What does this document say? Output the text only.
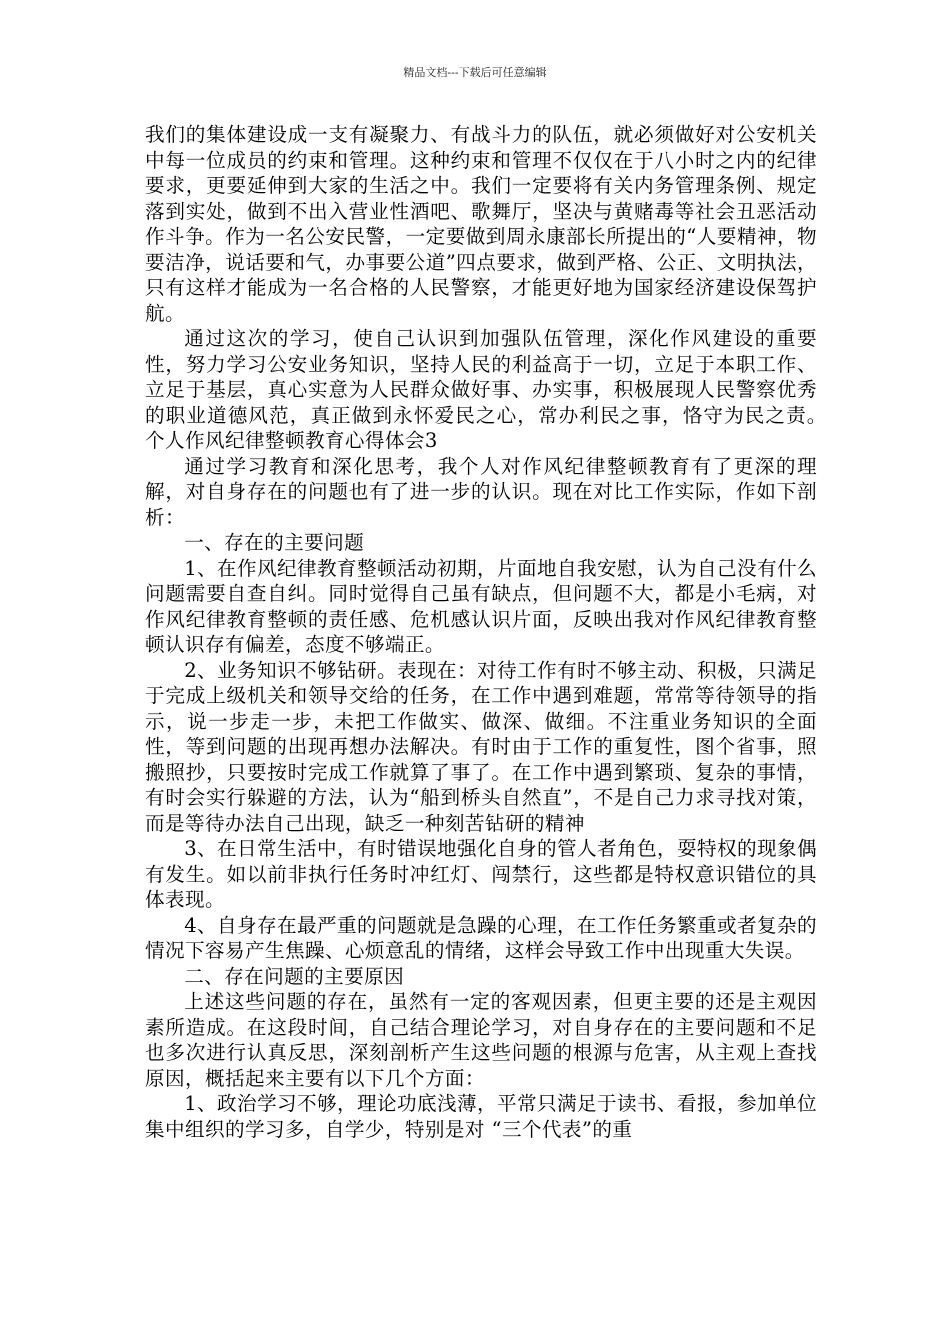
精品文档---下载后可任意编辑

我们的集体建设成一支有凝聚力、有战斗力的队伍，就必须做好对公安机关中每一位成员的约束和管理。这种约束和管理不仅仅在于八小时之内的纪律要求，更要延伸到大家的生活之中。我们一定要将有关内务管理条例、规定落到实处，做到不出入营业性酒吧、歌舞厅，坚决与黄赌毒等社会丑恶活动作斗争。作为一名公安民警，一定要做到周永康部长所提出的“人要精神，物要洁净，说话要和气，办事要公道”四点要求，做到严格、公正、文明执法，只有这样才能成为一名合格的人民警察，才能更好地为国家经济建设保驾护航。

通过这次的学习，使自己认识到加强队伍管理，深化作风建设的重要性，努力学习公安业务知识，坚持人民的利益高于一切，立足于本职工作、立足于基层，真心实意为人民群众做好事、办实事，积极展现人民警察优秀的职业道德风范，真正做到永怀爱民之心，常办利民之事，恪守为民之责。　　　个人作风纪律整顿教育心得体会3

通过学习教育和深化思考，我个人对作风纪律整顿教育有了更深的理解，对自身存在的问题也有了进一步的认识。现在对比工作实际，作如下剖析：

一、存在的主要问题

1、在作风纪律教育整顿活动初期，片面地自我安慰，认为自己没有什么问题需要自查自纠。同时觉得自己虽有缺点，但问题不大，都是小毛病，对作风纪律教育整顿的责任感、危机感认识片面，反映出我对作风纪律教育整顿认识存有偏差，态度不够端正。

2、业务知识不够钻研。表现在：对待工作有时不够主动、积极，只满足于完成上级机关和领导交给的任务，在工作中遇到难题，常常等待领导的指示，说一步走一步，未把工作做实、做深、做细。不注重业务知识的全面性，等到问题的出现再想办法解决。有时由于工作的重复性，图个省事，照搬照抄，只要按时完成工作就算了事了。在工作中遇到繁琐、复杂的事情，有时会实行躲避的方法，认为“船到桥头自然直”，不是自己力求寻找对策，而是等待办法自己出现，缺乏一种刻苦钻研的精神

3、在日常生活中，有时错误地强化自身的管人者角色，耍特权的现象偶有发生。如以前非执行任务时冲红灯、闯禁行，这些都是特权意识错位的具体表现。

4、自身存在最严重的问题就是急躁的心理，在工作任务繁重或者复杂的情况下容易产生焦躁、心烦意乱的情绪，这样会导致工作中出现重大失误。

二、存在问题的主要原因

上述这些问题的存在，虽然有一定的客观因素，但更主要的还是主观因素所造成。在这段时间，自己结合理论学习，对自身存在的主要问题和不足也多次进行认真反思，深刻剖析产生这些问题的根源与危害，从主观上查找原因，概括起来主要有以下几个方面：

1、政治学习不够，理论功底浅薄，平常只满足于读书、看报，参加单位集中组织的学习多，自学少，特别是对 “三个代表”的重
